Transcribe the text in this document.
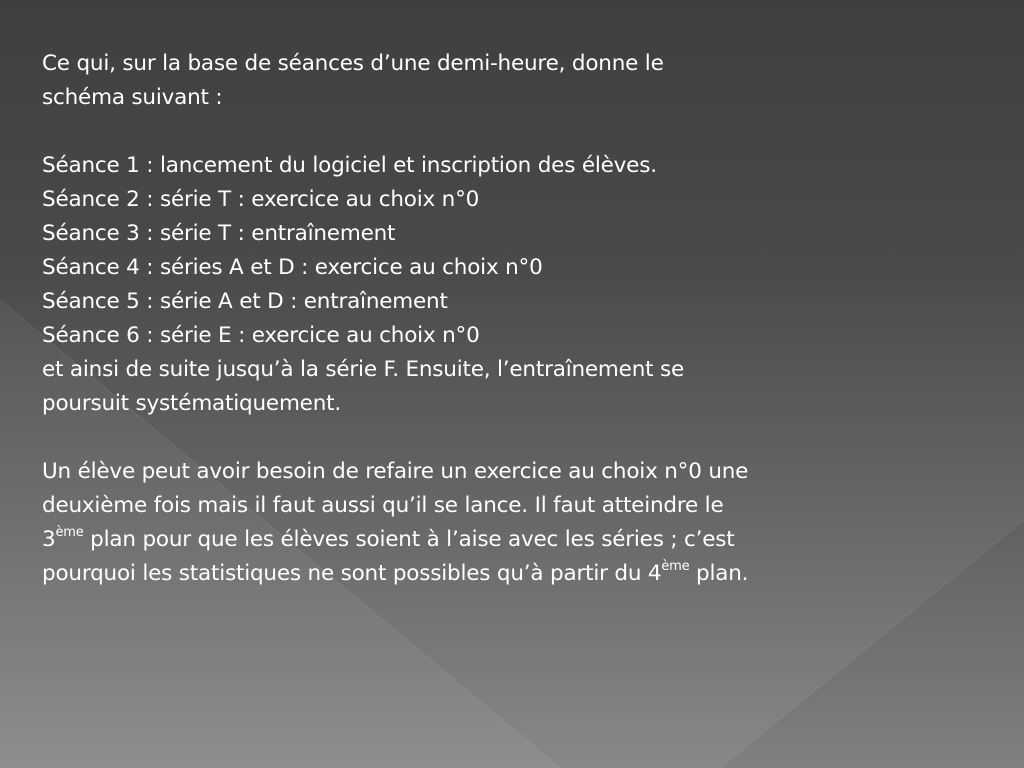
Ce qui, sur la base de séances d’une demi-heure, donne le
schéma suivant :
Séance 1 : lancement du logiciel et inscription des élèves.
Séance 2 : série T : exercice au choix n°0
Séance 3 : série T : entraînement
Séance 4 : séries A et D : exercice au choix n°0
Séance 5 : série A et D : entraînement
Séance 6 : série E : exercice au choix n°0
et ainsi de suite jusqu’à la série F. Ensuite, l’entraînement se
poursuit systématiquement.
Un élève peut avoir besoin de refaire un exercice au choix n°0 une
deuxième fois mais il faut aussi qu’il se lance. Il faut atteindre le
3ème plan pour que les élèves soient à l’aise avec les séries ; c’est
pourquoi les statistiques ne sont possibles qu’à partir du 4ème plan.
